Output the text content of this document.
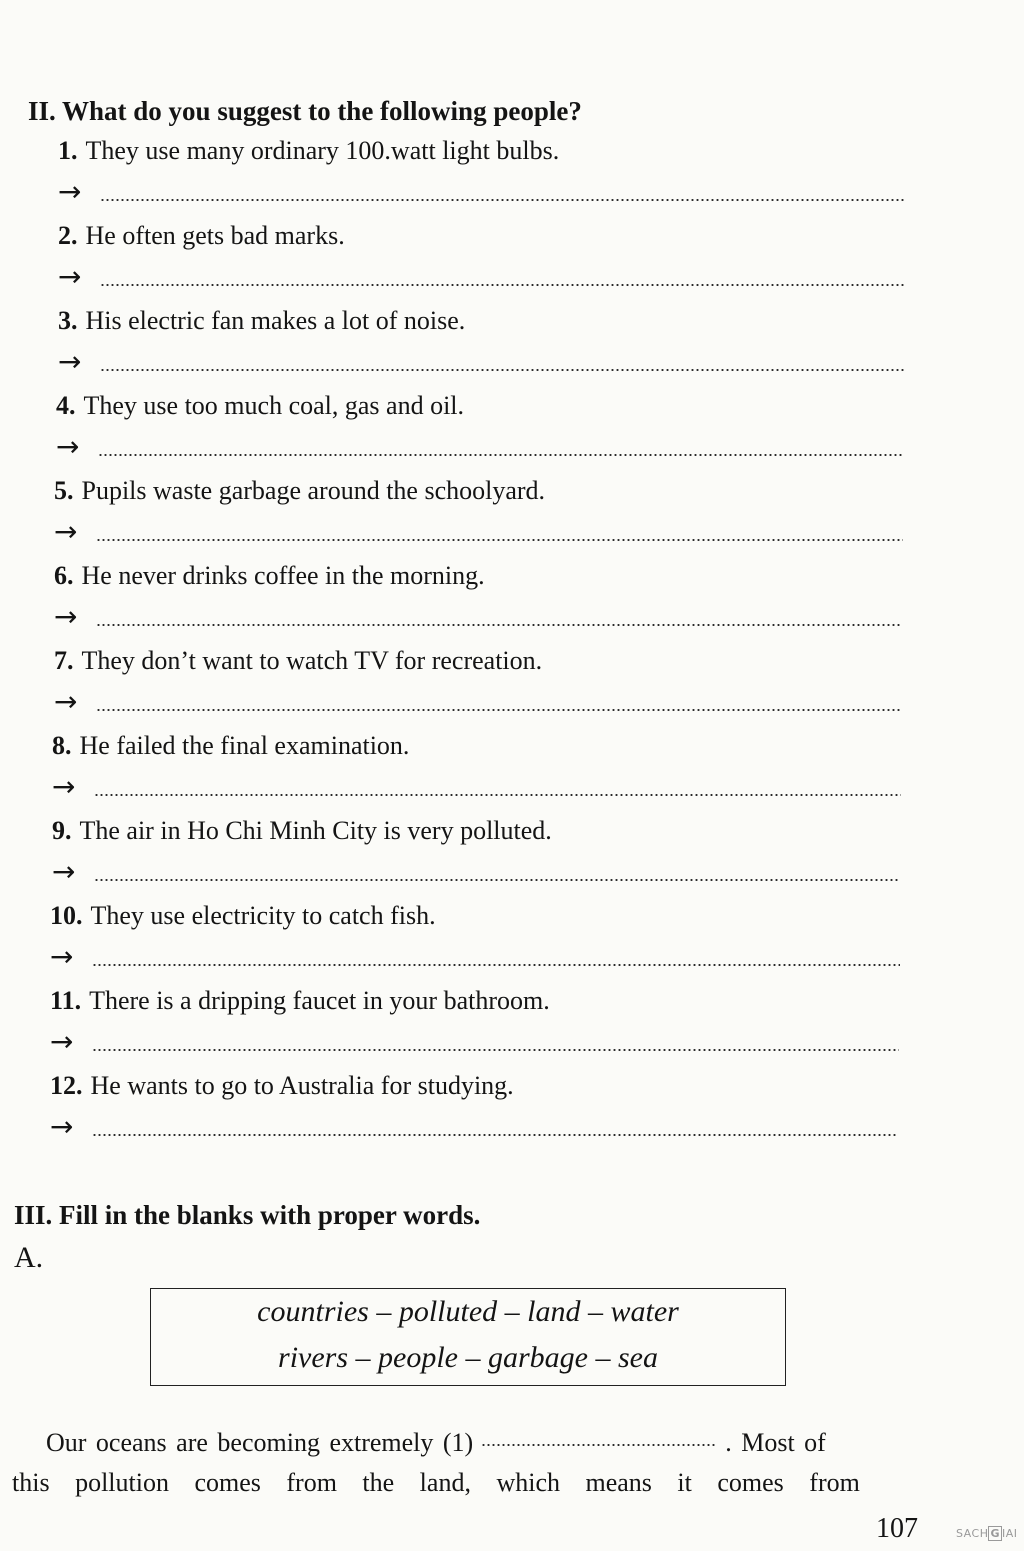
II. What do you suggest to the following people?
1. They use many ordinary 100.watt light bulbs.
→
2. He often gets bad marks.
→
3. His electric fan makes a lot of noise.
→
4. They use too much coal, gas and oil.
→
5. Pupils waste garbage around the schoolyard.
→
6. He never drinks coffee in the morning.
→
7. They don’t want to watch TV for recreation.
→
8. He failed the final examination.
→
9. The air in Ho Chi Minh City is very polluted.
→
10. They use electricity to catch fish.
→
11. There is a dripping faucet in your bathroom.
→
12. He wants to go to Australia for studying.
→
III. Fill in the blanks with proper words.
A.
countries – polluted – land – water
rivers – people – garbage – sea
Our oceans are becoming extremely (1)	. Most of
this pollution comes from the land, which means it comes from
107	SACH G IAI
